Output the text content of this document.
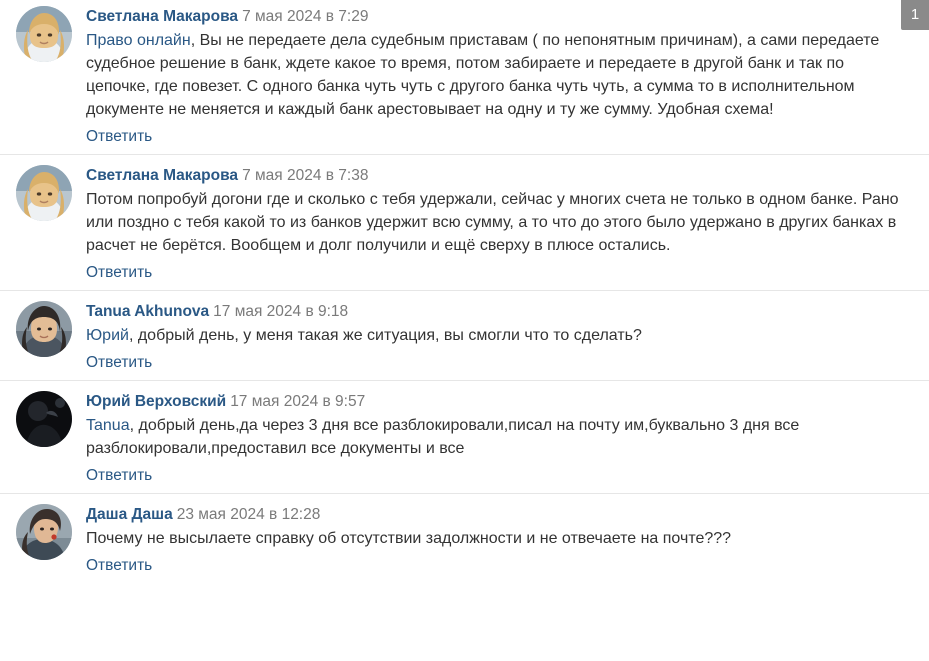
1
Светлана Макарова 7 мая 2024 в 7:29
Право онлайн, Вы не передаете дела судебным приставам ( по непонятным причинам), а сами передаете судебное решение в банк, ждете какое то время, потом забираете и передаете в другой банк и так по цепочке, где повезет. С одного банка чуть чуть с другого банка чуть чуть, а сумма то в исполнительном документе не меняется и каждый банк арестовывает на одну и ту же сумму. Удобная схема!
Ответить
Светлана Макарова 7 мая 2024 в 7:38
Потом попробуй догони где и сколько с тебя удержали, сейчас у многих счета не только в одном банке. Рано или поздно с тебя какой то из банков удержит всю сумму, а то что до этого было удержано в других банках в расчет не берётся. Вообщем и долг получили и ещё сверху в плюсе остались.
Ответить
Tanua Akhunova 17 мая 2024 в 9:18
Юрий, добрый день, у меня такая же ситуация, вы смогли что то сделать?
Ответить
Юрий Верховский 17 мая 2024 в 9:57
Tanua, добрый день,да через 3 дня все разблокировали,писал на почту им,буквально 3 дня все разблокировали,предоставил все документы и все
Ответить
Даша Даша 23 мая 2024 в 12:28
Почему не высылаете справку об отсутствии задолжности и не отвечаете на почте???
Ответить
